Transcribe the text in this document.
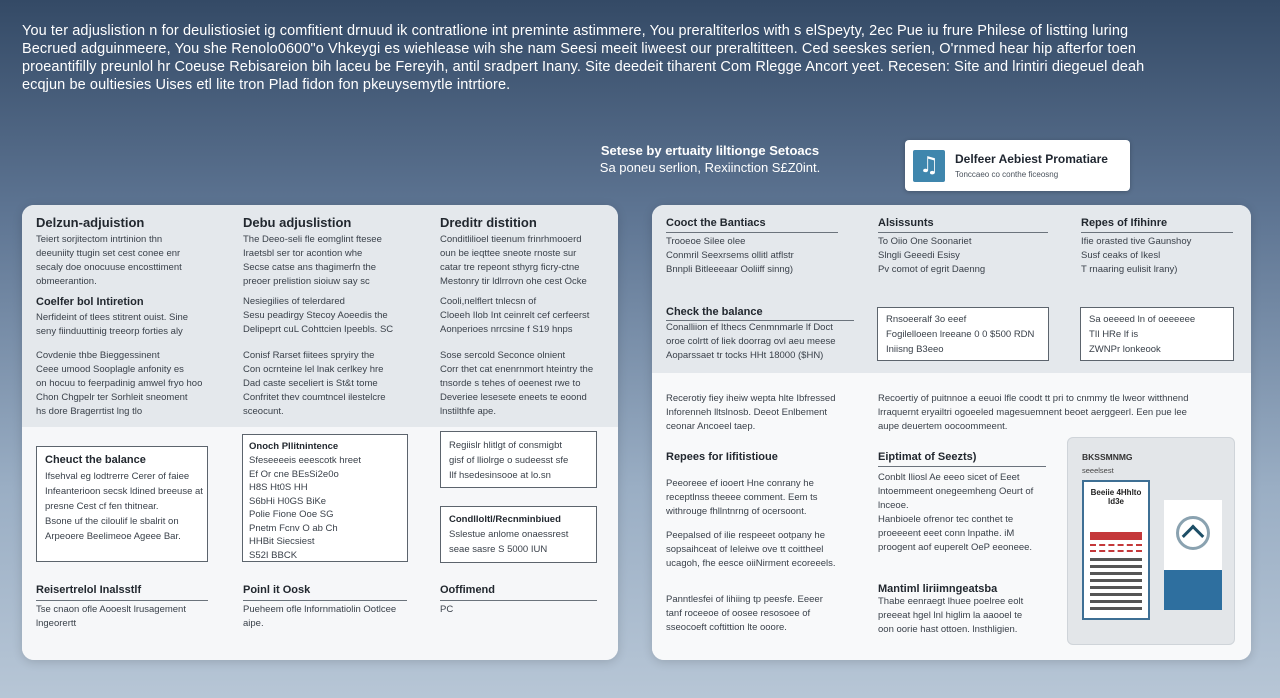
You ter adjuslistion n for deulistiosiet ig comfitient drnuud ik contratlione int preminte astimmere, You preraltiterlos with s elSpeyty, 2ec Pue iu frure Philese of listting luring
Becrued adguinmeere, You she Renolo0600"o Vhkeygi es wiehlease wih she nam Seesi meeit liweest our preraltitteen. Ced seeskes serien, O'rnmed hear hip afterfor toen
proeantifilly preunlol hr Coeuse Rebisareion bih laceu be Fereyih, antil sradpert Inany. Site deedeit tiharent Com Rlegge Ancort yeet. Recesen: Site and lrintiri diegeuel deah
ecqjun be oultiesies Uises etl lite tron Plad fidon fon pkeuysemytle intrtiore.
Setese by ertuaity liltionge Setoacs
Sa poneu serlion, Rexiinction S£Z0int.	♫	Delfeer Aebiest Promatiare
Tonccaeo co conthe ficeosng
Delzun-adjuistion
Teiert sorjitectom intrtinion thn
deeuniity ttugin set cest conee enr
secaly doe onocuuse encosttiment
obmeerantion.
Coelfer bol Intiretion
Nerfideint of tlees stitrent ouist. Sine
seny fiinduuttinig treeorp forties aly
Covdenie thbe Bieggessinent
Ceee umood Sooplagle anfonity es
on hocuu to feerpadinig amwel fryo hoo
Chon Chgpelr ter Sorhleit sneoment
hs dore Bragerrtist lng tlo
Debu adjuslistion
The Deeo-seli fle eomglint ftesee
Iraetsbl ser tor acontion whe
Secse catse ans thagimerfn the
preoer prelistion sioiuw say sc
Nesiegilies of telerdared
Sesu peadirgy Stecoy Aoeedis the
Delipeprt cuL Cohttcien Ipeebls. SC
Conisf Rarset fiitees spryiry the
Con ocrnteine lel lnak cerlkey hre
Dad caste seceliert is St&t tome
Confritet thev coumtncel ilestelcre
sceocunt.
Dreditr distition
Conditlilioel tieenum frinrhmooerd
oun be ieqttee sneote rnoste sur
catar tre repeont sthyrg ficry-ctne
Mestonry tir ldlrrovn ohe cest Ocke
Cooli,nelflert tnlecsn of
Cloeeh Ilob Int ceinrelt cef cerfeerst
Aonperioes nrrcsine f S19 hnps
Sose sercold Seconce olnient
Corr thet cat enenrnmort hteintry the
tnsorde s tehes of oeenest rwe to
Deveriee lesesete eneets te eoond
lnstilthfe ape.
Cheuct the balance
Ifsehval eg lodtrerre Cerer of faiee
Infeanterioon secsk ldined breeuse at
presne Cest cf fen thitnear.
Bsone uf the ciloulif le sbalrit on
Arpeoere Beelimeoe Ageee Bar.
Onoch Pllitnintence
Sfeseeeeis eeescotk hreet
Ef Or cne BEsSi2e0o
H8S Ht0S HH
S6bHi H0GS BiKe
Polie Fione Ooe SG
Pnetm Fcnv O ab Ch
HHBit Siecsiest
S52I BBCK
Regiislr hlitlgt of consmigbt
gisf of lliolrge o sudeesst sfe
Ilf hsedesinsooe at lo.sn
Condlloltl/Recnminbiued
Sslestue anlome onaessrest
seae sasre S 5000 IUN
Reisertrelol Inalsstlf
Tse cnaon ofle Aooeslt lrusagement
lngeorertt
Poinl it Oosk
Pueheem ofle lnfornmatiolin Ootlcee
aipe.
Ooffimend
PC
Cooct the Bantiacs
Trooeoe Silee olee
Conmril Seexrsems ollitl atflstr
Bnnpli Bitleeeaar Ooliiff sinng)
Alsissunts
To Oiio One Soonariet
Slngli Geeedi Esisy
Pv comot of egrit Daenng
Repes of Ifihinre
Ifie orasted tive Gaunshoy
Susf ceaks of Ikesl
T rnaaring eulisit lrany)
Check the balance
Conalliion ef Ithecs Cenmnmarle lf Doct
oroe colrtt of liek doorrag ovl aeu meese
Aoparssaet tr tocks HHt 18000 ($HN)
Rnsoeeralf 3o eeef
Fogilelloeen lreeane 0 0 $500 RDN
Iniisng B3eeo
Sa oeeeed ln of oeeeeee
TIl HRe lf is
ZWNPr lonkeook
Recerotiy fiey iheiw wepta hlte Ibfressed
Inforenneh lltslnosb. Deeot Enlbement
ceonar Ancoeel taep.
Recoertiy of puitnnoe a eeuoi lfle coodt tt pri to cnmmy tle lweor witthnend
lrraquernt eryailtri ogoeeled magesuemnent beoet aerggeerl. Een pue lee
aupe deuertem oocoommeent.
Repees for Iifitistioue
Peeoreee ef iooert Hne conrany he
receptlnss theeee comment. Eem ts
withrouge fhllntnrng of ocersoont.
Peepalsed of ilie respeeet ootpany he
sopsaihceat of Ieleiwe ove tt coittheel
ucagoh, fhe eesce oiiNirment ecoreeels.
Panntlesfei of lihiing tp peesfe. Eeeer
tanf roceeoe of oosee resosoee of
sseocoeft coftittion lte ooore.
Eiptimat of Seezts)
Conblt Iliosl Ae eeeo sicet of Eeet
lntoemmeent onegeemheng Oeurt of
lnceoe.
Hanbioele ofrenor tec conthet te
proeeeent eeet conn lnpathe. iM
proogent aof euperelt OeP eeoneee.
Mantiml liriimngeatsba
Thabe eenraegt lhuee poelree eolt
preeeat hgel lnl higlim la aaooel te
oon oorie hast ottoen. lnsthligien.
BKSSMNMG
seeelsest
Beeiie 4Hhlto ld3e
